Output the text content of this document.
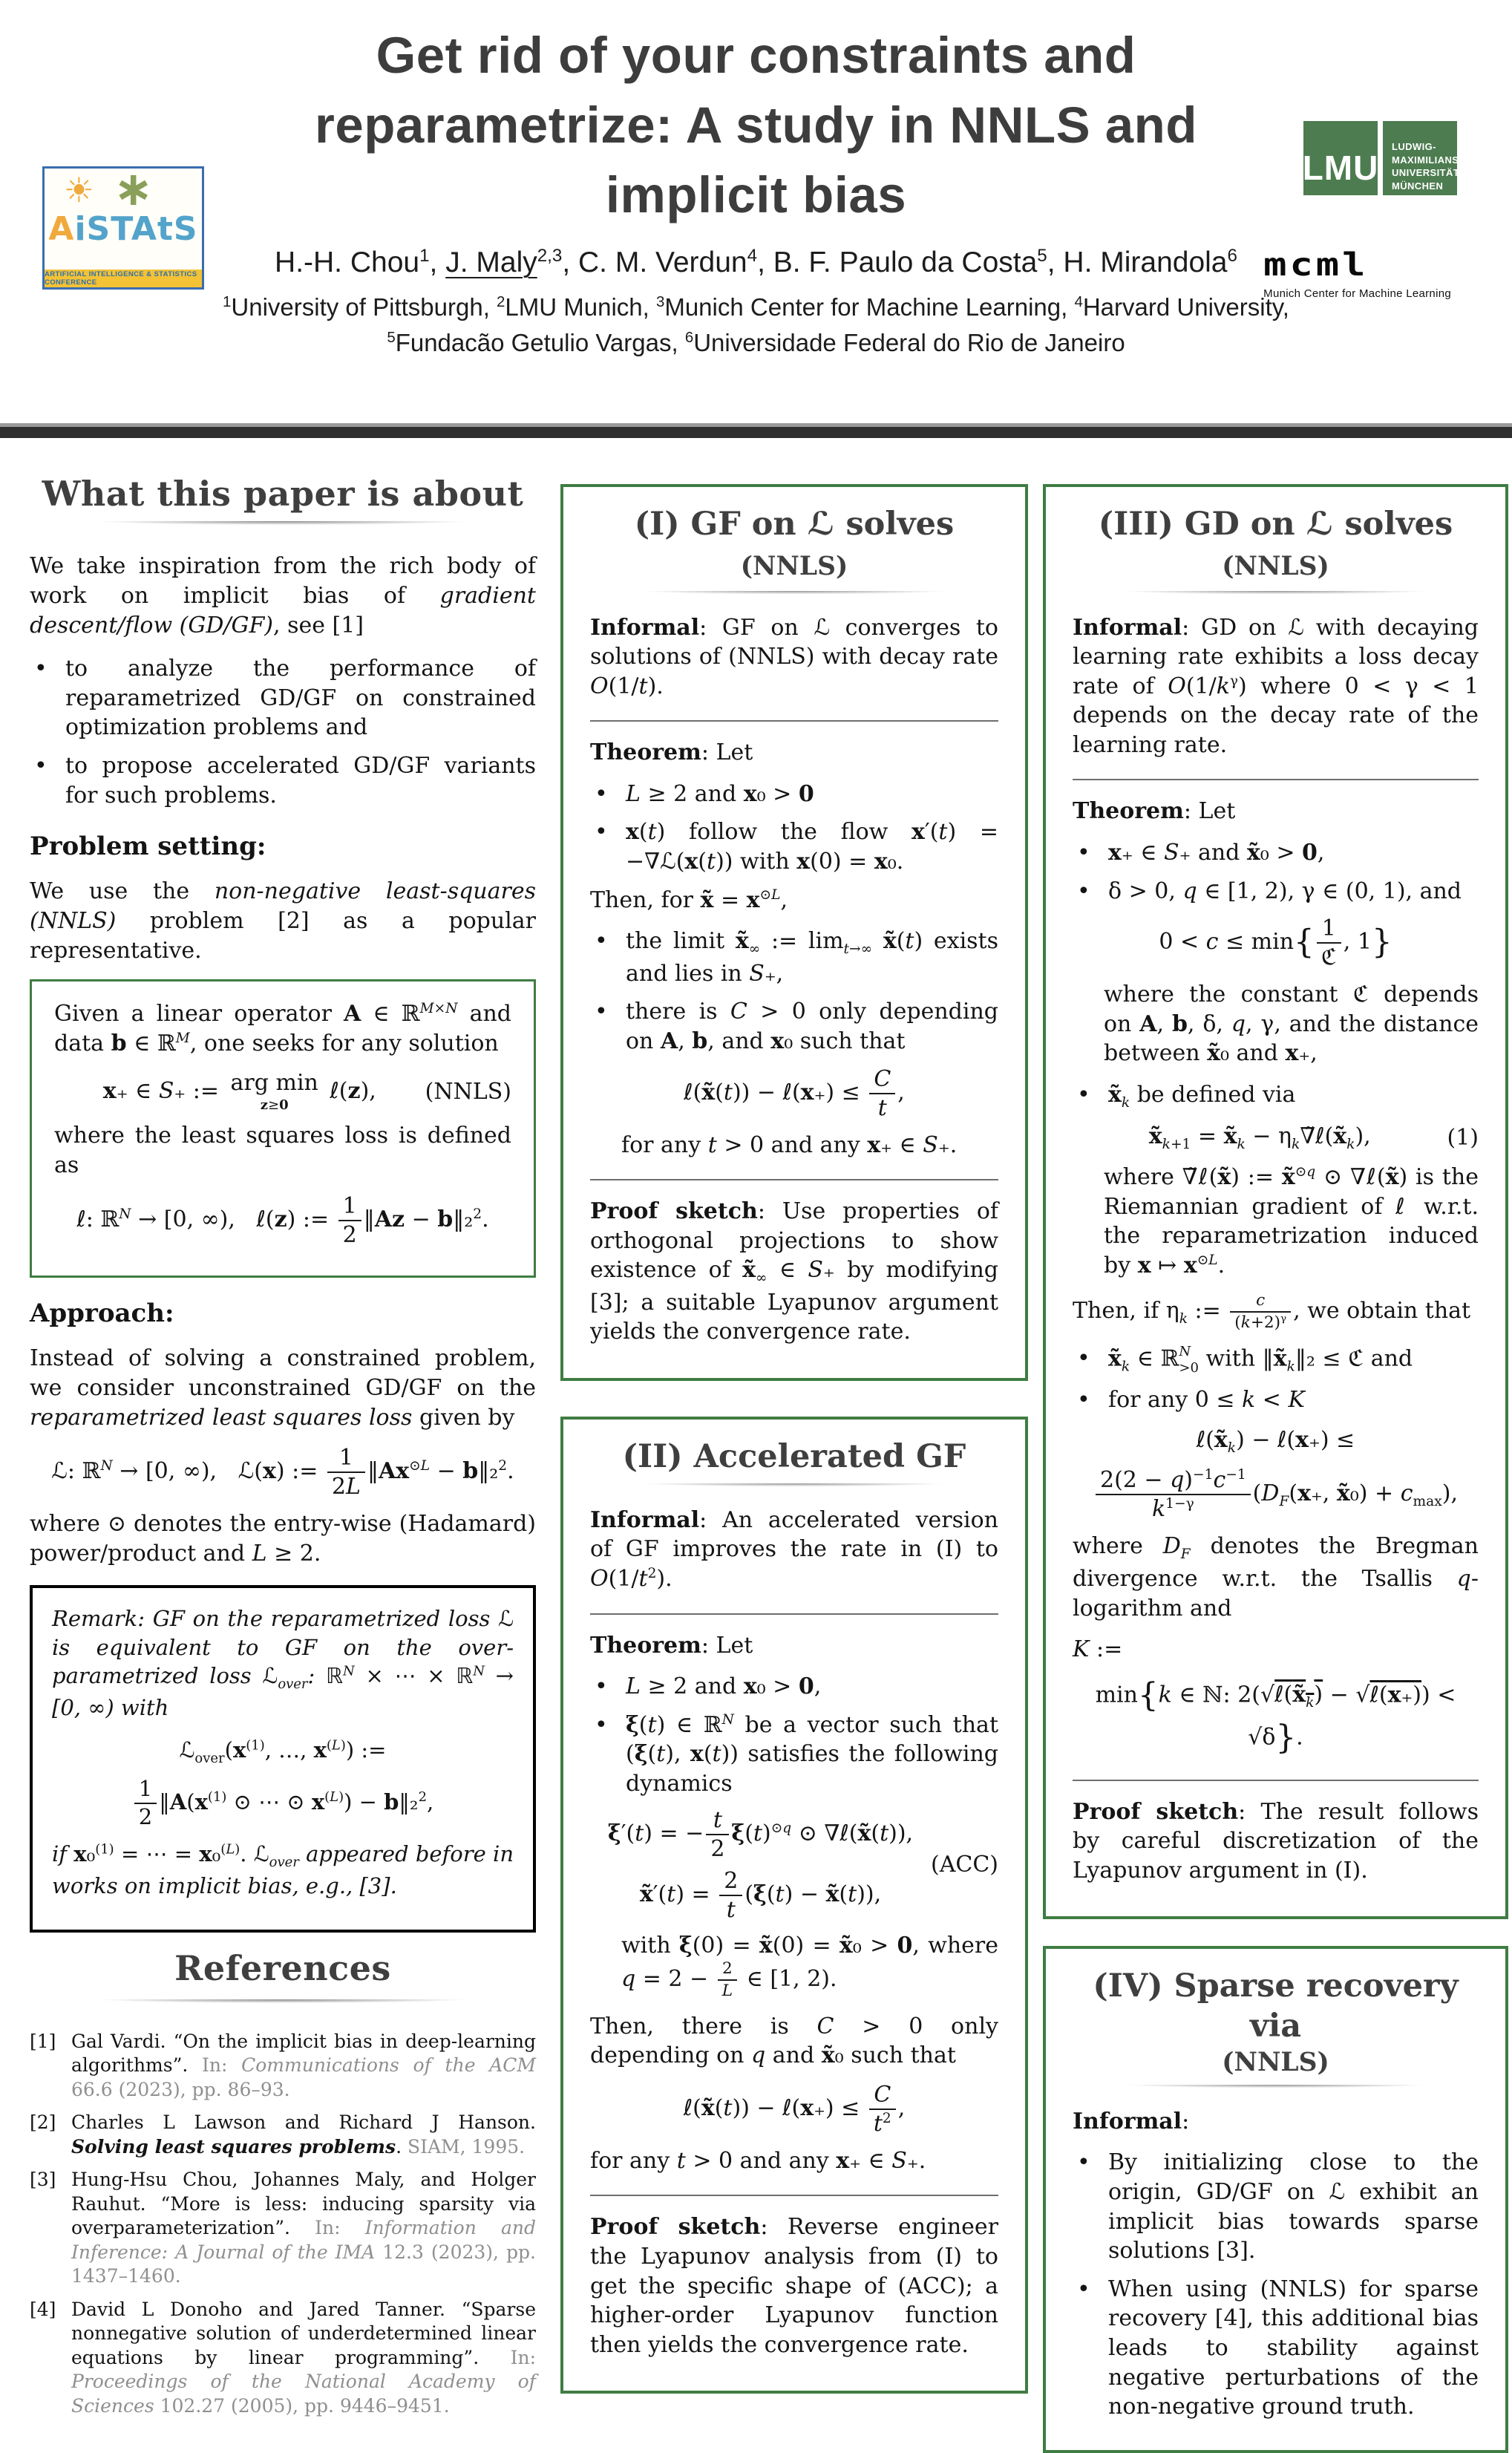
☀ ∗
AiSTAtS
ARTIFICIAL INTELLIGENCE & STATISTICS CONFERENCE
Get rid of your constraints and
reparametrize: A study in NNLS and
implicit bias
H.-H. Chou$^1$, J. Maly$^{2,3}$, C. M. Verdun$^4$, B. F. Paulo da Costa$^5$, H. Mirandola$^6$
$^1$University of Pittsburgh, $^2$LMU Munich, $^3$Munich Center for Machine Learning, $^4$Harvard University, $^5$Fundacão Getulio Vargas, $^6$Universidade Federal do Rio de Janeiro
LMU
LUDWIG-
MAXIMILIANS-
UNIVERSITÄT
MÜNCHEN
mcml
Munich Center for Machine Learning
What this paper is about

We take inspiration from the rich body of work on implicit bias of gradient descent/flow (GD/GF), see [1]

•
to analyze the performance of reparametrized GD/GF on constrained optimization problems and
•
to propose accelerated GD/GF variants for such problems.
Problem setting:

We use the non-negative least-squares (NNLS) problem [2] as a popular representative.

Given a linear operator A ∈ ℝ$^{M\times N}$ and data b ∈ ℝ$^M$, one seeks for any solution

x₊ ∈ S₊ := arg min
z≥0
ℓ(z),	(NNLS)

where the least squares loss is defined as

ℓ: ℝ$^N$ → [0, ∞),   ℓ(z) := $\frac{1}{2}$ ‖Az − b‖₂$^2$.
Approach:

Instead of solving a constrained problem, we consider unconstrained GD/GF on the reparametrized least squares loss given by

ℒ: ℝ$^N$ → [0, ∞),   ℒ(x) := $\frac{1}{2L}$ $‖Ax^{⊙L}$ − b‖₂$^2$.

where ⊙ denotes the entry-wise (Hadamard) power/product and L ≥ 2.

Remark: GF on the reparametrized loss ℒ is equivalent to GF on the over-parametrized loss ℒ$_{over}$: ℝ$^N$ × ⋯ × ℝ$^N$ → [0, ∞) with

$ℒ_{over}(x^{(1)}$, …, $x^{(L)}$) :=
$\frac{1}{2}$ $‖A(x^{(1)}$ ⊙ ⋯ ⊙ $x^{(L)}$) − b‖₂$^2$,

if x₀$^{(1)}$ = ⋯ = x₀$^{(L)}$. ℒ$_{over}$ appeared before in works on implicit bias, e.g., [3].

References
[1] Gal Vardi. “On the implicit bias in deep-learning algorithms”. In: Communications of the ACM 66.6 (2023), pp. 86–93.
[2] Charles L Lawson and Richard J Hanson. Solving least squares problems. SIAM, 1995.
[3] Hung-Hsu Chou, Johannes Maly, and Holger Rauhut. “More is less: inducing sparsity via overparameterization”. In: Information and Inference: A Journal of the IMA 12.3 (2023), pp. 1437–1460.
[4] David L Donoho and Jared Tanner. “Sparse nonnegative solution of underdetermined linear equations by linear programming”. In: Proceedings of the National Academy of Sciences 102.27 (2005), pp. 9446–9451.
(I) GF on ℒ solves (NNLS)

Informal: GF on ℒ converges to solutions of (NNLS) with decay rate O(1/t).

Theorem: Let

•
L ≥ 2 and x₀ > 0
•
x(t) follow the flow x′(t) = −∇ℒ(x(t)) with x(0) = x₀.

Then, for x̃ = $x^{⊙L}$,

•
the limit $x̃_\infty$ := $\lim_{t\to\infty}$ x̃(t) exists and lies in S₊,
•
there is C > 0 only depending on A, b, and x₀ such that
ℓ(x̃(t)) − ℓ(x₊) ≤ $\frac{C}{t}$ ,

for any t > 0 and any x₊ ∈ S₊.

Proof sketch: Use properties of orthogonal projections to show existence of $x̃_\infty$ ∈ S₊ by modifying [3]; a suitable Lyapunov argument yields the convergence rate.

(II) Accelerated GF

Informal: An accelerated version of GF improves the rate in (I) to $O(1/t^2)$.

Theorem: Let

•
L ≥ 2 and x₀ > 0,
•
ξ(t) ∈ ℝ$^N$ be a vector such that (ξ(t), x(t)) satisfies the following dynamics
ξ′(t) = − $\frac{t}{2} \xi(t)^{⊙q}$ ⊙ ∇ℓ(x̃(t)),
x̃′(t) = $\frac{2}{t} (\xi(t)$ − x̃(t)),
(ACC)

with ξ(0) = x̃(0) = x̃₀ > 0, where $q = 2 - \frac{2}{L}$ ∈ [1, 2).

Then, there is C > 0 only depending on q and x̃₀ such that

ℓ(x̃(t)) − ℓ(x₊) ≤ $\frac{C}{t^2}$ ,

for any t > 0 and any x₊ ∈ S₊.

Proof sketch: Reverse engineer the Lyapunov analysis from (I) to get the specific shape of (ACC); a higher-order Lyapunov function then yields the convergence rate.

(III) GD on ℒ solves (NNLS)

Informal: GD on ℒ with decaying learning rate exhibits a loss decay rate of $O(1/k^\gamma)$ where 0 < γ < 1 depends on the decay rate of the learning rate.

Theorem: Let

•
x₊ ∈ S₊ and x̃₀ > 0,
•
δ > 0, q ∈ [1, 2), γ ∈ (0, 1), and
$0 < c \le \min\{ \frac{1}{\text{ℭ}}$ , 1}

where the constant ℭ depends on A, b, δ, q, γ, and the distance between x̃₀ and x₊,

•
$x̃_k$ be defined via
$x̃_{k+1}$ = $x̃_k$ − $\eta_k\nablã\ell(x̃_k)$,	(1)

where ∇̃ℓ(x̃) := x̃$^{⊙q}$ ⊙ ∇ℓ(x̃) is the Riemannian gradient of ℓ w.r.t. the reparametrization induced by x ↦ $x^{⊙L}$.

Then, if $\eta_k$ := $\frac{c}{(k+2)^\gamma}$ , we obtain that

•
$x̃_k$ ∈ ℝ N
>0 with $‖x̃_k‖_2$ ≤ ℭ and
•
for any 0 ≤ k < K
$\ell(x̃_k)$ − ℓ(x₊) ≤
$\frac{2(2 - q)^{-1}c^{-1}}{k^{1-\gamma}} (D_F(x_+$, x̃₀) + $c_{max}$),

where $D_F$ denotes the Bregman divergence w.r.t. the Tsallis q-logarithm and

K :=
min{k ∈ ℕ: $2(√\ell(x̃_k)$ − √ℓ(x₊)) < √δ}.

Proof sketch: The result follows by careful discretization of the Lyapunov argument in (I).

(IV) Sparse recovery via
(NNLS)

Informal:

•
By initializing close to the origin, GD/GF on ℒ exhibit an implicit bias towards sparse solutions [3].
•
When using (NNLS) for sparse recovery [4], this additional bias leads to stability against negative perturbations of the non-negative ground truth.
